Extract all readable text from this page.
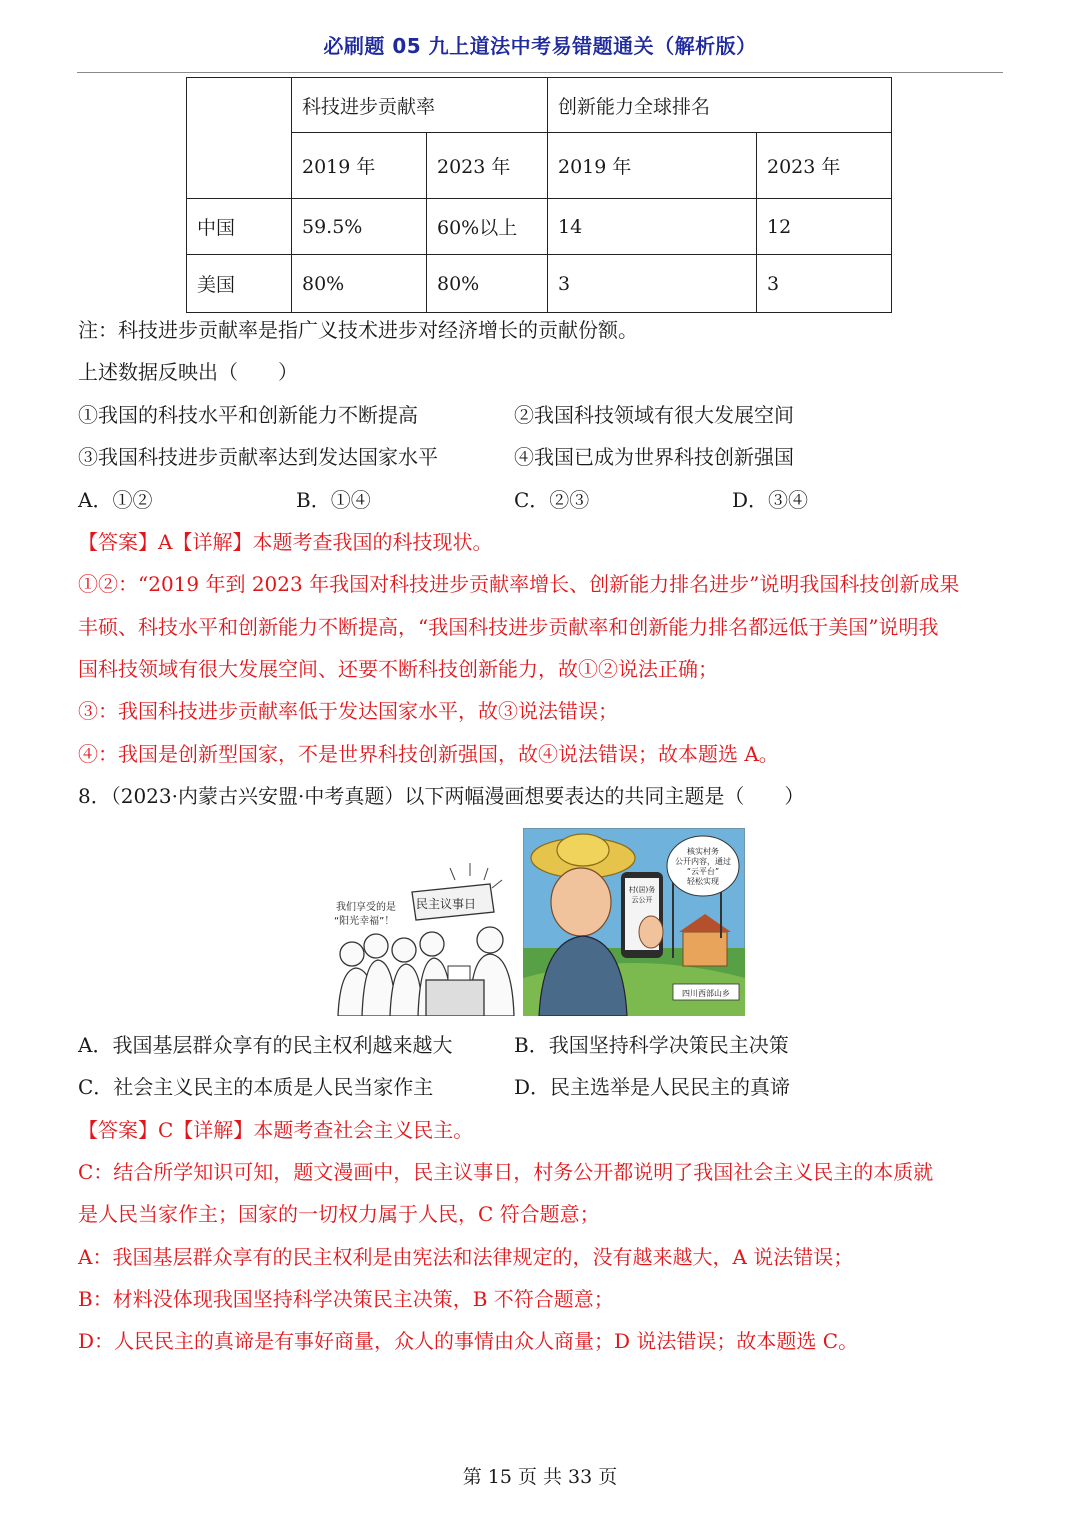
必刷题 05 九上道法中考易错题通关（解析版）
	科技进步贡献率		创新能力全球排名	
	2019 年	2023 年	2019 年	2023 年
中国	59.5%	60%以上	14	12
美国	80%	80%	3	3
注：科技进步贡献率是指广义技术进步对经济增长的贡献份额。
上述数据反映出（　　）
①我国的科技水平和创新能力不断提高	②我国科技领域有很大发展空间
③我国科技进步贡献率达到发达国家水平	④我国已成为世界科技创新强国
A．①②	B．①④	C．②③	D．③④
【答案】A【详解】本题考查我国的科技现状。
①②：“2019 年到 2023 年我国对科技进步贡献率增长、创新能力排名进步”说明我国科技创新成果
丰硕、科技水平和创新能力不断提高，“我国科技进步贡献率和创新能力排名都远低于美国”说明我
国科技领域有很大发展空间、还要不断科技创新能力，故①②说法正确；
③：我国科技进步贡献率低于发达国家水平，故③说法错误；
④：我国是创新型国家，不是世界科技创新强国，故④说法错误；故本题选 A。
8．（2023·内蒙古兴安盟·中考真题）以下两幅漫画想要表达的共同主题是（　　）
民主议事日
我们享受的是
“阳光幸福”！
核实村务
公开内容，通过
“云平台”
轻松实现
村(居)务
云公开
四川西部山乡
A．我国基层群众享有的民主权利越来越大	B．我国坚持科学决策民主决策
C．社会主义民主的本质是人民当家作主	D．民主选举是人民民主的真谛
【答案】C【详解】本题考查社会主义民主。
C：结合所学知识可知，题文漫画中，民主议事日，村务公开都说明了我国社会主义民主的本质就
是人民当家作主；国家的一切权力属于人民，C 符合题意；
A：我国基层群众享有的民主权利是由宪法和法律规定的，没有越来越大，A 说法错误；
B：材料没体现我国坚持科学决策民主决策，B 不符合题意；
D：人民民主的真谛是有事好商量，众人的事情由众人商量；D 说法错误；故本题选 C。
第 15 页 共 33 页
